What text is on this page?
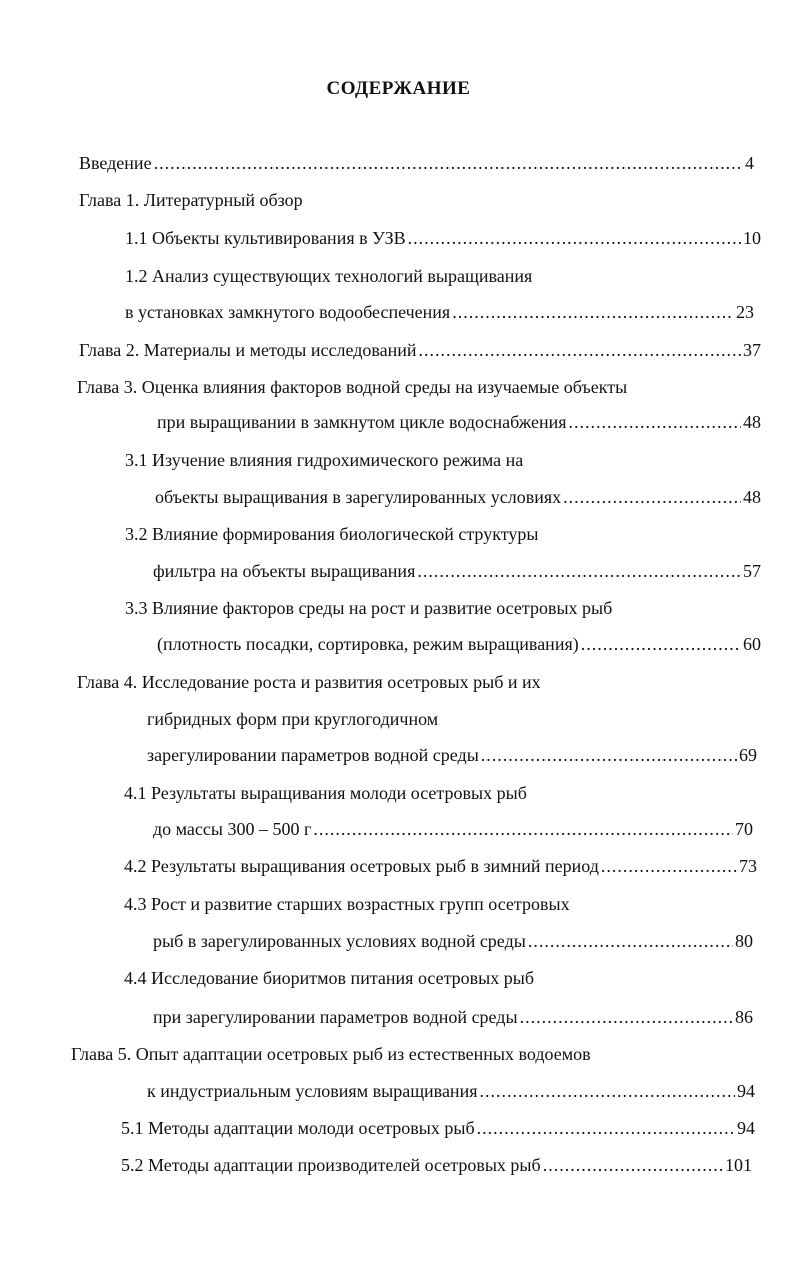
СОДЕРЖАНИЕ
Введение .....	4
Глава 1. Литературный обзор
1.1 Объекты культивирования в УЗВ .....	10
1.2 Анализ существующих технологий выращивания
в установках замкнутого водообеспечения .....	23
Глава 2. Материалы и методы исследований .....	37
Глава 3. Оценка влияния факторов водной среды на изучаемые объекты
при выращивании в замкнутом цикле водоснабжения .....	48
3.1 Изучение влияния гидрохимического режима на
объекты выращивания в зарегулированных условиях .....	48
3.2 Влияние формирования биологической структуры
фильтра на объекты выращивания .....	57
3.3 Влияние факторов среды на рост и развитие осетровых рыб
(плотность посадки, сортировка, режим выращивания) .....	60
Глава 4. Исследование роста и развития осетровых рыб и их
гибридных форм при круглогодичном
зарегулировании параметров водной среды .....	69
4.1 Результаты выращивания молоди осетровых рыб
до массы 300 – 500 г .....	70
4.2 Результаты выращивания осетровых рыб в зимний период .....	73
4.3 Рост и развитие старших возрастных групп осетровых
рыб в зарегулированных условиях водной среды .....	80
4.4 Исследование биоритмов питания осетровых рыб
при зарегулировании параметров водной среды .....	86
Глава 5. Опыт адаптации осетровых рыб из естественных водоемов
к индустриальным условиям выращивания .....	94
5.1 Методы адаптации молоди осетровых рыб .....	94
5.2 Методы адаптации производителей осетровых рыб .....	101
